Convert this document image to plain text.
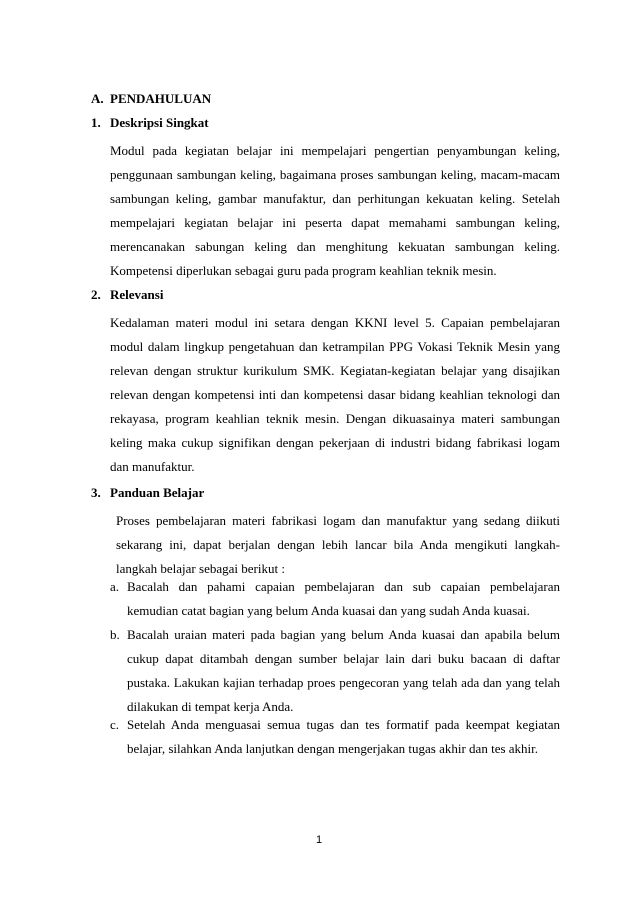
A. PENDAHULUAN
1. Deskripsi Singkat
Modul pada kegiatan belajar ini mempelajari pengertian penyambungan keling, penggunaan sambungan keling, bagaimana proses sambungan keling, macam-macam sambungan keling, gambar manufaktur, dan perhitungan kekuatan keling. Setelah mempelajari kegiatan belajar ini peserta dapat memahami sambungan keling, merencanakan sabungan keling dan menghitung kekuatan sambungan keling. Kompetensi diperlukan sebagai guru pada program keahlian teknik mesin.
2. Relevansi
Kedalaman materi modul ini setara dengan KKNI level 5. Capaian pembelajaran modul dalam lingkup pengetahuan dan ketrampilan PPG Vokasi Teknik Mesin yang relevan dengan struktur kurikulum SMK. Kegiatan-kegiatan belajar yang disajikan relevan dengan kompetensi inti dan kompetensi dasar bidang keahlian teknologi dan rekayasa, program keahlian teknik mesin. Dengan dikuasainya materi sambungan keling maka cukup signifikan dengan pekerjaan di industri bidang fabrikasi logam dan manufaktur.
3. Panduan Belajar
Proses pembelajaran materi fabrikasi logam dan manufaktur yang sedang diikuti sekarang ini, dapat berjalan dengan lebih lancar bila Anda mengikuti langkah-langkah belajar sebagai berikut :
a. Bacalah dan pahami capaian pembelajaran dan sub capaian pembelajaran kemudian catat bagian yang belum Anda kuasai dan yang sudah Anda kuasai.
b. Bacalah uraian materi pada bagian yang belum Anda kuasai dan apabila belum cukup dapat ditambah dengan sumber belajar lain dari buku bacaan di daftar pustaka. Lakukan kajian terhadap proes pengecoran yang telah ada dan yang telah dilakukan di tempat kerja Anda.
c. Setelah Anda menguasai semua tugas dan tes formatif pada keempat kegiatan belajar, silahkan Anda lanjutkan dengan mengerjakan tugas akhir dan tes akhir.
1
